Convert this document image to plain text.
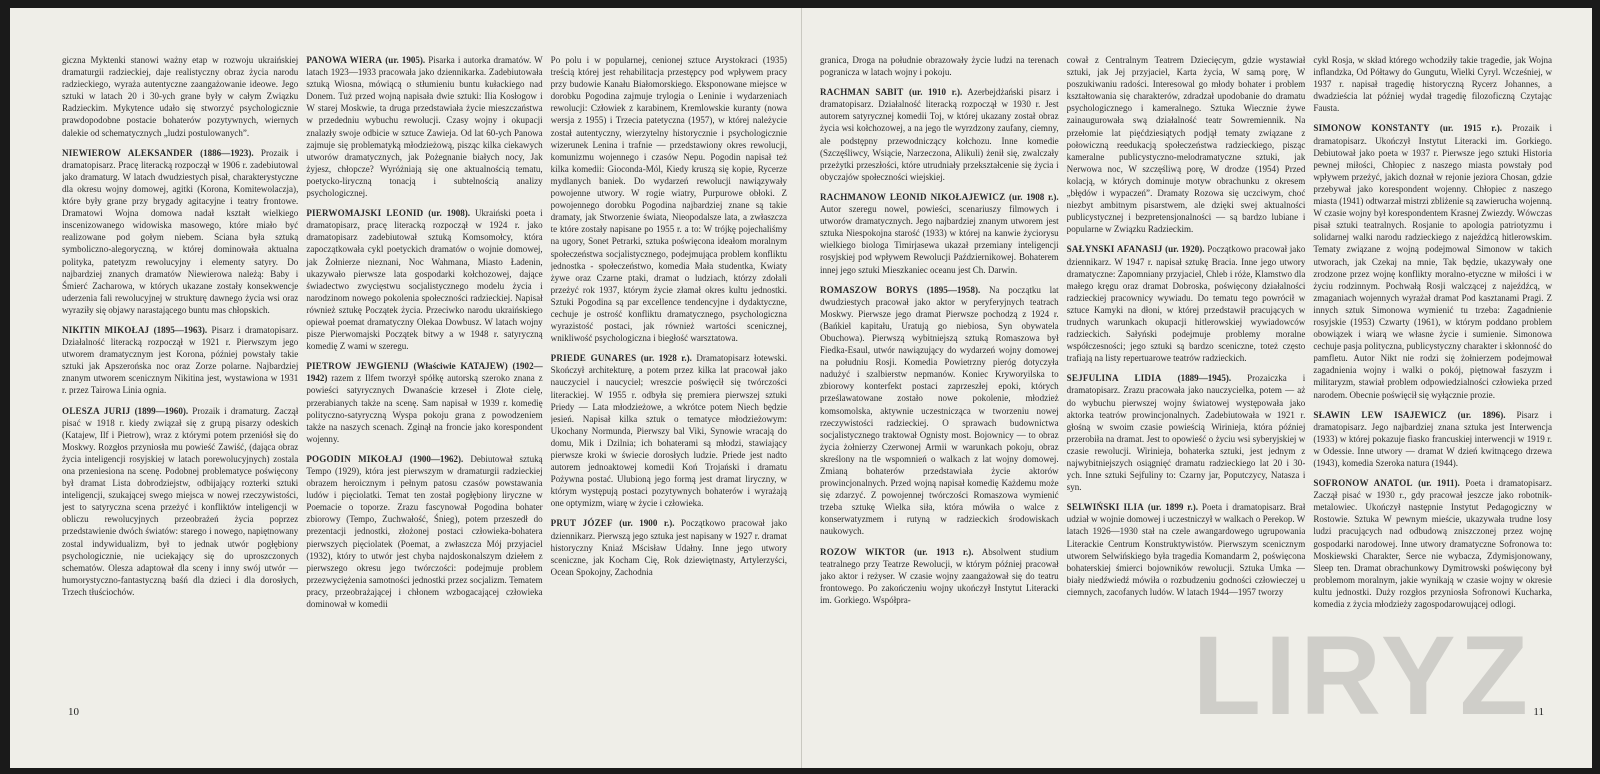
giczna Myktenki stanowi ważny etap w rozwoju ukraińskiej dramaturgii radzieckiej, daje realistyczny obraz życia narodu radzieckiego, wyraża autentyczne zaangażowanie ideowe. Jego sztuki w latach 20 i 30-ych grane były w całym Związku Radzieckim. Mykytence udało się stworzyć psychologicznie prawdopodobne postacie bohaterów pozytywnych, wiernych dalekie od schematycznych „ludzi postulowanych”.

NIEWIEROW ALEKSANDER (1886—1923). Prozaik i dramatopisarz. Pracę literacką rozpoczął w 1906 r. zadebiutowal jako dramaturg. W latach dwudziestych pisał, charakterystyczne dla okresu wojny domowej, agitki (Korona, Komitewolaczja), które były grane przy brygady agitacyjne i teatry frontowe. Dramatowi Wojna domowa nadał kształt wielkiego inscenizowanego widowiska masowego, które miało być realizowane pod gołym niebem. Sciana była sztuką symboliczno-alegoryczną, w której dominowała aktualna polityka, patetyzm rewolucyjny i elementy satyry. Do najbardziej znanych dramatów Niewierowa należą: Baby i Śmierć Zacharowa, w których ukazane zostały konsekwencje uderzenia fali rewolucyjnej w strukturę dawnego życia wsi oraz wyraziły się objawy narastającego buntu mas chłopskich.

NIKITIN MIKOŁAJ (1895—1963). Pisarz i dramatopisarz. Działalność literacką rozpoczął w 1921 r. Pierwszym jego utworem dramatycznym jest Korona, później powstały takie sztuki jak Apszerońska noc oraz Zorze polarne. Najbardziej znanym utworem scenicznym Nikitina jest, wystawiona w 1931 r. przez Tairowa Linia ognia.

OLESZA JURIJ (1899—1960). Prozaik i dramaturg. Zaczął pisać w 1918 r. kiedy związał się z grupą pisarzy odeskich (Katajew, Ilf i Pietrow), wraz z którymi potem przeniósł się do Moskwy. Rozgłos przyniosła mu powieść Zawiść, (dająca obraz życia inteligencji rosyjskiej w latach porewolucyjnych) zostala ona przeniesiona na scenę. Podobnej problematyce poświęcony był dramat Lista dobrodziejstw, odbijający rozterki sztuki inteligencji, szukającej swego miejsca w nowej rzeczywistości, jest to satyryczna scena przeżyć i konfliktów inteligencji w obliczu rewolucyjnych przeobrażeń życia poprzez przedstawienie dwóch światów: starego i nowego, napiętnowany zostal indywidualizm, był to jednak utwór pogłębiony psychologicznie, nie uciekający się do uproszczonych schematów. Olesza adaptował dla sceny i inny swój utwór — humorystyczno-fantastyczną baśń dla dzieci i dla dorosłych, Trzech tłuściochów.

PANOWA WIERA (ur. 1905). Pisarka i autorka dramatów. W latach 1923—1933 pracowała jako dziennikarka. Zadebiutowała sztuką Wiosna, mówiącą o stłumieniu buntu kułackiego nad Donem. Tuż przed wojną napisała dwie sztuki: Ilia Kosłogow i W starej Moskwie, ta druga przedstawiała życie mieszczaństwa w przededniu wybuchu rewolucji. Czasy wojny i okupacji znalazły swoje odbicie w sztuce Zawieja. Od lat 60-ych Panowa zajmuje się problematyką młodzieżową, pisząc kilka ciekawych utworów dramatycznych, jak Pożegnanie białych nocy, Jak żyjesz, chłopcze? Wyróżniają się one aktualnością tematu, poetycko-liryczną tonacją i subtelnością analizy psychologicznej.

PIERWOMAJSKI LEONID (ur. 1908). Ukraiński poeta i dramatopisarz, pracę literacką rozpoczął w 1924 r. jako dramatopisarz zadebiutował sztuką Komsomołcy, która zapoczątkowała cykl poetyckich dramatów o wojnie domowej, jak Żołnierze nieznani, Noc Wahmana, Miasto Ładenin, ukazywało pierwsze lata gospodarki kołchozowej, dające świadectwo zwycięstwu socjalistycznego modelu życia i narodzinom nowego pokolenia społeczności radzieckiej. Napisał również sztukę Początek życia. Przeciwko narodu ukraińskiego opiewał poemat dramatyczny Olekaa Dowbusz. W latach wojny pisze Pierwomajski Początek bitwy a w 1948 r. satyryczną komedię Z wami w szeregu.

PIETROW JEWGIENIJ (Właściwie KATAJEW) (1902—1942) razem z Ilfem tworzył spółkę autorską szeroko znana z powieści satyrycznych Dwanaście krzeseł i Złote cielę, przerabianych także na scenę. Sam napisał w 1939 r. komedię polityczno-satyryczną Wyspa pokoju grana z powodzeniem także na naszych scenach. Zginął na froncie jako korespondent wojenny.

POGODIN MIKOŁAJ (1900—1962). Debiutował sztuką Tempo (1929), która jest pierwszym w dramaturgii radzieckiej obrazem heroicznym i pełnym patosu czasów powstawania ludów i pięciolatki. Temat ten został pogłębiony liryczne w Poemacie o toporze. Zrazu fascynował Pogodina bohater zbiorowy (Tempo, Zuchwałość, Śnieg), potem przeszedł do prezentacji jednostki, złożonej postaci człowieka-bohatera pierwszych pięciolatek (Poemat, a zwłaszcza Mój przyjaciel (1932), który to utwór jest chyba najdoskonalszym dziełem z pierwszego okresu jego twórczości: podejmuje problem przezwyciężenia samotności jednostki przez socjalizm. Tematem pracy, przeobrażającej i chłonem wzbogacającej człowieka dominował w komedii

Po polu i w popularnej, cenionej sztuce Arystokraci (1935) treścią której jest rehabilitacja przestępcy pod wpływem pracy przy budowie Kanału Białomorskiego. Eksponowane miejsce w dorobku Pogodina zajmuje trylogia o Leninie i wydarzeniach rewolucji: Człowiek z karabinem, Kremlowskie kuranty (nowa wersja z 1955) i Trzecia patetyczna (1957), w której należycie został autentyczny, wierzytelny historycznie i psychologicznie wizerunek Lenina i trafnie — przedstawiony okres rewolucji, komunizmu wojennego i czasów Nepu. Pogodin napisał też kilka komedii: Gioconda-Mól, Kiedy kruszą się kopie, Rycerze mydlanych baniek. Do wydarzeń rewolucji nawiązywały powojenne utwory. W rogie wiatry, Purpurowe obłoki. Z powojennego dorobku Pogodina najbardziej znane są takie dramaty, jak Stworzenie świata, Nieopodalsze lata, a zwłaszcza te które zostały napisane po 1955 r. a to: W trójkę pojechaliśmy na ugory, Sonet Petrarki, sztuka poświęcona ideałom moralnym społeczeństwa socjalistycznego, podejmująca problem konfliktu jednostka - społeczeństwo, komedia Mała studentka, Kwiaty żywe oraz Czarne ptaki, dramat o ludziach, którzy zdołali przeżyć rok 1937, którym życie złamał okres kultu jednostki. Sztuki Pogodina są par excellence tendencyjne i dydaktyczne, cechuje je ostrość konfliktu dramatycznego, psychologiczna wyrazistość postaci, jak również wartości scenicznej, wnikliwość psychologiczna i biegłość warsztatowa.

PRIEDE GUNARES (ur. 1928 r.). Dramatopisarz łotewski. Skończył architekturę, a potem przez kilka lat pracował jako nauczyciel i naucyciel; wreszcie poświęcił się twórczości literackiej. W 1955 r. odbyła się premiera pierwszej sztuki Priedy — Lata młodzieżowe, a wkrótce potem Niech będzie jesień. Napisał kilka sztuk o tematyce młodzieżowym: Ukochany Normunda, Pierwszy bal Viki, Synowie wracają do domu, Mik i Dzilnia; ich bohaterami są młodzi, stawiający pierwsze kroki w świecie dorosłych ludzie. Priede jest nadto autorem jednoaktowej komedii Koń Trojański i dramatu Pożywna postać. Ulubioną jego formą jest dramat liryczny, w którym występują postaci pozytywnych bohaterów i wyrażają one optymizm, wiarę w życie i człowieka.

PRUT JÓZEF (ur. 1900 r.). Początkowo pracował jako dziennikarz. Pierwszą jego sztuka jest napisany w 1927 r. dramat historyczny Kniaź Mścisław Udałny. Inne jego utwory sceniczne, jak Kocham Cię, Rok dziewiętnasty, Artylerzyści, Ocean Spokojny, Zachodnia

10

granica, Droga na południe obrazowały życie ludzi na terenach pogranicza w latach wojny i pokoju.

RACHMAN SABIT (ur. 1910 r.). Azerbejdżański pisarz i dramatopisarz. Działalność literacką rozpoczął w 1930 r. Jest autorem satyrycznej komedii Toj, w której ukazany został obraz życia wsi kołchozowej, a na jego tle wyrzdzony zaufany, ciemny, ale podstępny przewodniczący kołchozu. Inne komedie (Szczęśliwcy, Wsiącie, Narzeczona, Alikuli) żenił się, zwalczały przeżytki przeszłości, które utrudniały przekształcenie się życia i obyczajów społeczności wiejskiej.

RACHMANOW LEONID NIKOŁAJEWICZ (ur. 1908 r.). Autor szeregu nowel, powieści, scenariuszy filmowych i utworów dramatycznych. Jego najbardziej znanym utworem jest sztuka Niespokojna starość (1933) w której na kanwie życiorysu wielkiego biologa Timirjasewa ukazał przemiany inteligencji rosyjskiej pod wpływem Rewolucji Październikowej. Bohaterem innej jego sztuki Mieszkaniec oceanu jest Ch. Darwin.

ROMASZOW BORYS (1895—1958). Na początku lat dwudziestych pracował jako aktor w peryferyjnych teatrach Moskwy. Pierwsze jego dramat Pierwsze pochodzą z 1924 r. (Bańkiel kapitału, Uratują go niebiosa, Syn obywatela Obuchowa). Pierwszą wybitniejszą sztuką Romaszowa był Fiedka-Esaul, utwór nawiązujący do wydarzeń wojny domowej na południu Rosji. Komedia Powietrzny pieróg dotyczyła nadużyć i szalbierstw nepmanów. Koniec Kryworyilska to zbiorowy konterfekt postaci zaprzeszłej epoki, których prześlawatowane zostało nowe pokolenie, młodzież komsomolska, aktywnie uczestnicząca w tworzeniu nowej rzeczywistości radzieckiej. O sprawach budownictwa socjalistycznego traktował Ognisty most. Bojownicy — to obraz życia żołnierzy Czerwonej Armii w warunkach pokoju, obraz skreślony na tle wspomnień o walkach z lat wojny domowej. Zmianą bohaterów przedstawiała życie aktorów prowincjonalnych. Przed wojną napisał komedię Każdemu może się zdarzyć. Z powojennej twórczości Romaszowa wymienić trzeba sztukę Wielka siła, która mówiła o walce z konserwatyzmem i rutyną w radzieckich środowiskach naukowych.

ROZOW WIKTOR (ur. 1913 r.). Absolwent studium teatralnego przy Teatrze Rewolucji, w którym później pracował jako aktor i reżyser. W czasie wojny zaangażował się do teatru frontowego. Po zakończeniu wojny ukończył Instytut Literacki im. Gorkiego. Współpra-

cował z Centralnym Teatrem Dziecięcym, gdzie wystawiał sztuki, jak Jej przyjaciel, Karta życia, W samą porę, W poszukiwaniu radości. Interesowal go młody bohater i problem kształtowania się charakterów, zdradzał upodobanie do dramatu psychologicznego i kameralnego. Sztuka Wiecznie żywe zainaugurowała swą działalność teatr Sowremiennik. Na przełomie lat pięćdziesiątych podjął tematy związane z połowiczną reedukacją społeczeństwa radzieckiego, pisząc kameralne publicystyczno-melodramatyczne sztuki, jak Nerwowa noc, W szczęśliwą porę, W drodze (1954) Przed kolacją, w których dominuje motyw obrachunku z okresem „błędów i wypaczeń”. Dramaty Rozowa się uczciwym, choć niezbyt ambitnym pisarstwem, ale dzięki swej aktualności publicystycznej i bezpretensjonalności — są bardzo lubiane i popularne w Związku Radzieckim.

SAŁYNSKI AFANASIJ (ur. 1920). Początkowo pracował jako dziennikarz. W 1947 r. napisał sztukę Bracia. Inne jego utwory dramatyczne: Zapomniany przyjaciel, Chleb i róże, Klamstwo dla małego kręgu oraz dramat Dobroska, poświęcony działalności radzieckiej pracownicy wywiadu. Do tematu tego powrócił w sztuce Kamyki na dłoni, w której przedstawił pracujących w trudnych warunkach okupacji hitlerowskiej wywiadowców radzieckich. Sałyński podejmuje problemy moralne współczesności; jego sztuki są bardzo sceniczne, toteż często trafiają na listy repertuarowe teatrów radzieckich.

SEJFULINA LIDIA (1889—1945). Prozaiczka i dramatopisarz. Zrazu pracowała jako nauczycielka, potem — aż do wybuchu pierwszej wojny światowej występowała jako aktorka teatrów prowincjonalnych. Zadebiutowała w 1921 r. głośną w swoim czasie powieścią Wirinieja, która później przerobiła na dramat. Jest to opowieść o życiu wsi syberyjskiej w czasie rewolucji. Wirinieja, bohaterka sztuki, jest jednym z najwybitniejszych osiągnięć dramatu radzieckiego lat 20 i 30-ych. Inne sztuki Sejfuliny to: Czarny jar, Poputczycy, Natasza i syn.

SELWIŃSKI ILIA (ur. 1899 r.). Poeta i dramatopisarz. Brał udział w wojnie domowej i uczestniczył w walkach o Perekop. W latach 1926—1930 stał na czele awangardowego ugrupowania Literackie Centrum Konstruktywistów. Pierwszym scenicznym utworem Selwińskiego była tragedia Komandarm 2, poświęcona bohaterskiej śmierci bojowników rewolucji. Sztuka Umka — biały niedźwiedź mówiła o rozbudzeniu godności człowieczej u ciemnych, zacofanych ludów. W latach 1944—1957 tworzy

cykl Rosja, w skład którego wchodziły takie tragedie, jak Wojna inflandzka, Od Półtawy do Gungutu, Wielki Cyryl. Wcześniej, w 1937 r. napisał tragedię historyczną Rycerz Johannes, a dwadzieścia lat później wydał tragedię filozoficzną Czytając Fausta.

SIMONOW KONSTANTY (ur. 1915 r.). Prozaik i dramatopisarz. Ukończył Instytut Literacki im. Gorkiego. Debiutował jako poeta w 1937 r. Pierwsze jego sztuki Historia pewnej miłości, Chłopiec z naszego miasta powstały pod wpływem przeżyć, jakich doznał w rejonie jeziora Chosan, gdzie przebywał jako korespondent wojenny. Chłopiec z naszego miasta (1941) odtwarzał mistrzi zbliżenie są zawierucha wojenną. W czasie wojny był korespondentem Krasnej Zwiezdy. Wówczas pisał sztuki teatralnych. Rosjanie to apologia patriotyzmu i solidarnej walki narodu radzieckiego z najeźdźcą hitlerowskim. Tematy związane z wojną podejmowal Simonow w takich utworach, jak Czekaj na mnie, Tak będzie, ukazywały one zrodzone przez wojnę konflikty moralno-etyczne w miłości i w życiu rodzinnym. Pochwałą Rosji walczącej z najeźdźcą, w zmaganiach wojennych wyrażał dramat Pod kasztanami Pragi. Z innych sztuk Simonowa wymienić tu trzeba: Zagadnienie rosyjskie (1953) Czwarty (1961), w którym poddano problem obowiązek i wiarą we własne życie i sumienie. Simonowa cechuje pasja polityczna, publicystyczny charakter i skłonność do pamfletu. Autor Nikt nie rodzi się żołnierzem podejmował zagadnienia wojny i walki o pokój, piętnował faszyzm i militaryzm, stawiał problem odpowiedzialności człowieka przed narodem. Obecnie poświęcił się wyłącznie prozie.

SŁAWIN LEW ISAJEWICZ (ur. 1896). Pisarz i dramatopisarz. Jego najbardziej znana sztuka jest Interwencja (1933) w której pokazuje fiasko francuskiej interwencji w 1919 r. w Odessie. Inne utwory — dramat W dzień kwitnącego drzewa (1943), komedia Szeroka natura (1944).

SOFRONOW ANATOL (ur. 1911). Poeta i dramatopisarz. Zaczął pisać w 1930 r., gdy pracował jeszcze jako robotnik-metalowiec. Ukończył następnie Instytut Pedagogiczny w Rostowie. Sztuka W pewnym mieście, ukazywała trudne losy ludzi pracujących nad odbudową zniszczonej przez wojnę gospodarki narodowej. Inne utwory dramatyczne Sofronowa to: Moskiewski Charakter, Serce nie wybacza, Zdymisjonowany, Sleep ten. Dramat obrachunkowy Dymitrowski poświęcony był problemom moralnym, jakie wynikają w czasie wojny w okresie kultu jednostki. Duży rozgłos przyniosła Sofronowi Kucharka, komedia z życia młodzieży zagospodarowującej odlogi.

11
LIRYZ
